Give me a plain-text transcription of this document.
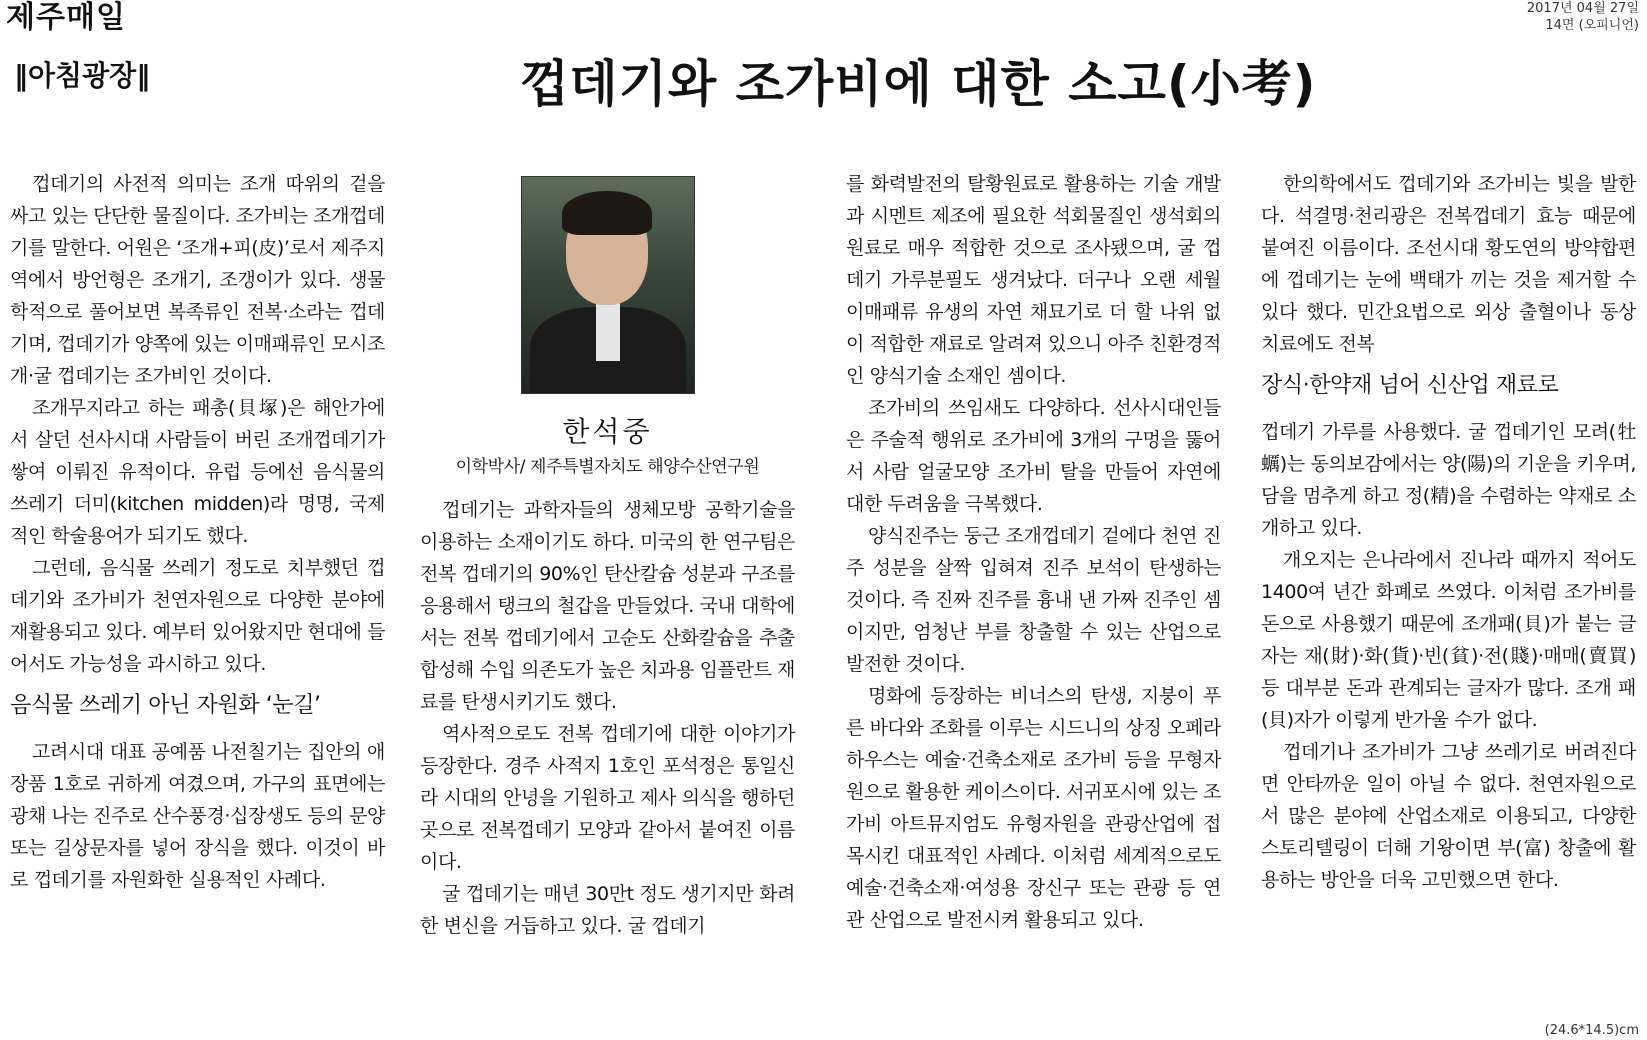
제주매일	2017년 04월 27일
14면 (오피니언)
‖아침광장‖	껍데기와 조가비에 대한 소고(小考)

껍데기의 사전적 의미는 조개 따위의 겉을 싸고 있는 단단한 물질이다. 조가비는 조개껍데기를 말한다. 어원은 ‘조개+피(皮)’로서 제주지역에서 방언형은 조개기, 조갱이가 있다. 생물학적으로 풀어보면 복족류인 전복·소라는 껍데기며, 껍데기가 양쪽에 있는 이매패류인 모시조개·굴 껍데기는 조가비인 것이다.

조개무지라고 하는 패총(貝塚)은 해안가에서 살던 선사시대 사람들이 버린 조개껍데기가 쌓여 이뤄진 유적이다. 유럽 등에선 음식물의 쓰레기 더미(kitchen midden)라 명명, 국제적인 학술용어가 되기도 했다.

그런데, 음식물 쓰레기 정도로 치부했던 껍데기와 조가비가 천연자원으로 다양한 분야에 재활용되고 있다. 예부터 있어왔지만 현대에 들어서도 가능성을 과시하고 있다.

음식물 쓰레기 아닌 자원화 ‘눈길’

고려시대 대표 공예품 나전칠기는 집안의 애장품 1호로 귀하게 여겼으며, 가구의 표면에는 광채 나는 진주로 산수풍경·십장생도 등의 문양 또는 길상문자를 넣어 장식을 했다. 이것이 바로 껍데기를 자원화한 실용적인 사례다.

한석중
이학박사/ 제주특별자치도 해양수산연구원

껍데기는 과학자들의 생체모방 공학기술을 이용하는 소재이기도 하다. 미국의 한 연구팀은 전복 껍데기의 90%인 탄산칼슘 성분과 구조를 응용해서 탱크의 철갑을 만들었다. 국내 대학에서는 전복 껍데기에서 고순도 산화칼슘을 추출 합성해 수입 의존도가 높은 치과용 임플란트 재료를 탄생시키기도 했다.

역사적으로도 전복 껍데기에 대한 이야기가 등장한다. 경주 사적지 1호인 포석정은 통일신라 시대의 안녕을 기원하고 제사 의식을 행하던 곳으로 전복껍데기 모양과 같아서 붙여진 이름이다.

굴 껍데기는 매년 30만t 정도 생기지만 화려한 변신을 거듭하고 있다. 굴 껍데기

를 화력발전의 탈황원료로 활용하는 기술 개발과 시멘트 제조에 필요한 석회물질인 생석회의 원료로 매우 적합한 것으로 조사됐으며, 굴 껍데기 가루분필도 생겨났다. 더구나 오랜 세월 이매패류 유생의 자연 채묘기로 더 할 나위 없이 적합한 재료로 알려져 있으니 아주 친환경적인 양식기술 소재인 셈이다.

조가비의 쓰임새도 다양하다. 선사시대인들은 주술적 행위로 조가비에 3개의 구멍을 뚫어서 사람 얼굴모양 조가비 탈을 만들어 자연에 대한 두려움을 극복했다.

양식진주는 둥근 조개껍데기 겉에다 천연 진주 성분을 살짝 입혀져 진주 보석이 탄생하는 것이다. 즉 진짜 진주를 흉내 낸 가짜 진주인 셈이지만, 엄청난 부를 창출할 수 있는 산업으로 발전한 것이다.

명화에 등장하는 비너스의 탄생, 지붕이 푸른 바다와 조화를 이루는 시드니의 상징 오페라하우스는 예술·건축소재로 조가비 등을 무형자원으로 활용한 케이스이다. 서귀포시에 있는 조가비 아트뮤지엄도 유형자원을 관광산업에 접목시킨 대표적인 사례다. 이처럼 세계적으로도 예술·건축소재·여성용 장신구 또는 관광 등 연관 산업으로 발전시켜 활용되고 있다.

한의학에서도 껍데기와 조가비는 빛을 발한다. 석결명·천리광은 전복껍데기 효능 때문에 붙여진 이름이다. 조선시대 황도연의 방약합편에 껍데기는 눈에 백태가 끼는 것을 제거할 수 있다 했다. 민간요법으로 외상 출혈이나 동상 치료에도 전복

장식·한약재 넘어 신산업 재료로

껍데기 가루를 사용했다. 굴 껍데기인 모려(牡蠣)는 동의보감에서는 양(陽)의 기운을 키우며, 담을 멈추게 하고 정(精)을 수렴하는 약재로 소개하고 있다.

개오지는 은나라에서 진나라 때까지 적어도 1400여 년간 화폐로 쓰였다. 이처럼 조가비를 돈으로 사용했기 때문에 조개패(貝)가 붙는 글자는 재(財)·화(貨)·빈(貧)·전(賤)·매매(賣買) 등 대부분 돈과 관계되는 글자가 많다. 조개 패(貝)자가 이렇게 반가울 수가 없다.

껍데기나 조가비가 그냥 쓰레기로 버려진다면 안타까운 일이 아닐 수 없다. 천연자원으로서 많은 분야에 산업소재로 이용되고, 다양한 스토리텔링이 더해 기왕이면 부(富) 창출에 활용하는 방안을 더욱 고민했으면 한다.

(24.6*14.5)cm
